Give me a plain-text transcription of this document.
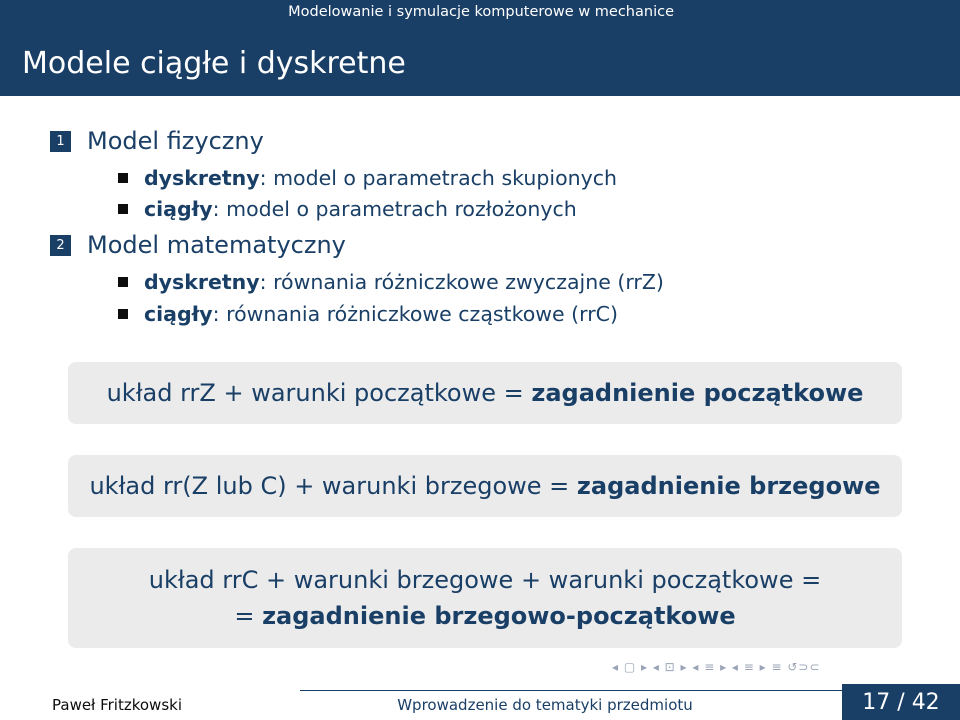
Modelowanie i symulacje komputerowe w mechanice
Modele ciągłe i dyskretne
1 Model fizyczny
dyskretny : model o parametrach skupionych
ciągły : model o parametrach rozłożonych
2 Model matematyczny
dyskretny : równania różniczkowe zwyczajne (rrZ)
ciągły : równania różniczkowe cząstkowe (rrC)
układ rrZ + warunki początkowe = zagadnienie początkowe
układ rr(Z lub C) + warunki brzegowe = zagadnienie brzegowe
układ rrC + warunki brzegowe + warunki początkowe =
= zagadnienie brzegowo-początkowe
◂ ▢ ▸ ◂ ⊡ ▸ ◂ ≡ ▸ ◂ ≡ ▸ ≡ ↺⊃⊂
Paweł Fritzkowski	Wprowadzenie do tematyki przedmiotu	17 / 42
